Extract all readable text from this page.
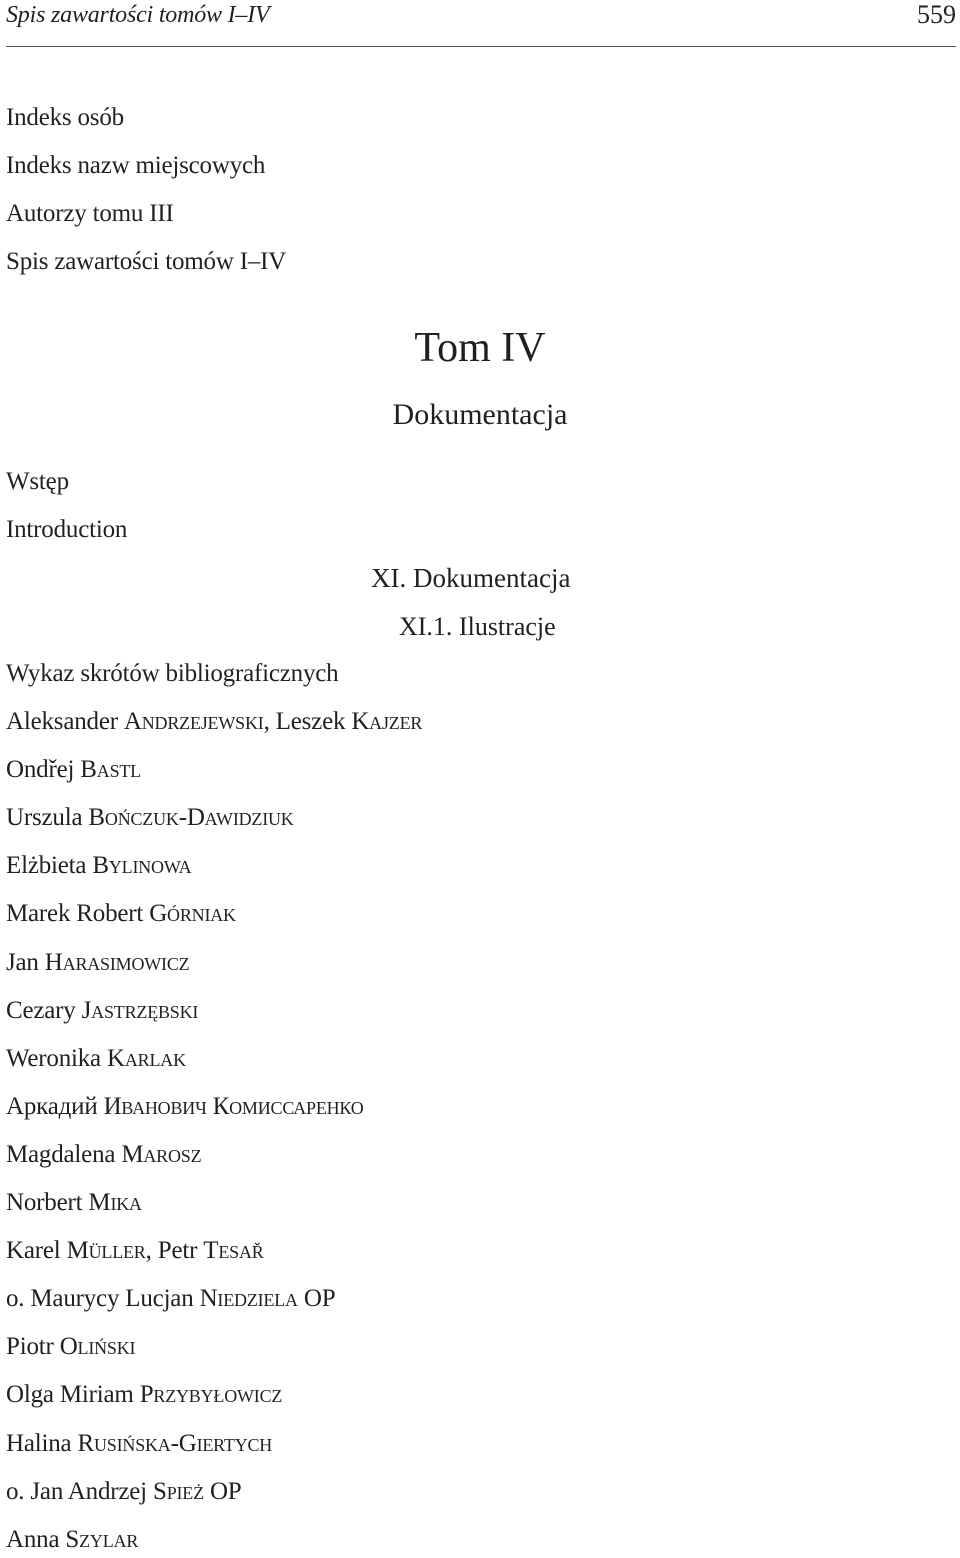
Spis zawartości tomów I–IV	559
Indeks osób
Indeks nazw miejscowych
Autorzy tomu III
Spis zawartości tomów I–IV
Tom IV
Dokumentacja
Wstęp
Introduction
XI. Dokumentacja
XI.1. Ilustracje
Wykaz skrótów bibliograficznych
Aleksander Andrzejewski, Leszek Kajzer
Ondřej Bastl
Urszula Bończuk-Dawidziuk
Elżbieta Bylinowa
Marek Robert Górniak
Jan Harasimowicz
Cezary Jastrzębski
Weronika Karlak
Аркадий Иванович Комиссаренко
Magdalena Marosz
Norbert Mika
Karel Müller, Petr Tesař
o. Maurycy Lucjan Niedziela OP
Piotr Oliński
Olga Miriam Przybyłowicz
Halina Rusińska-Giertych
o. Jan Andrzej Spież OP
Anna Szylar
